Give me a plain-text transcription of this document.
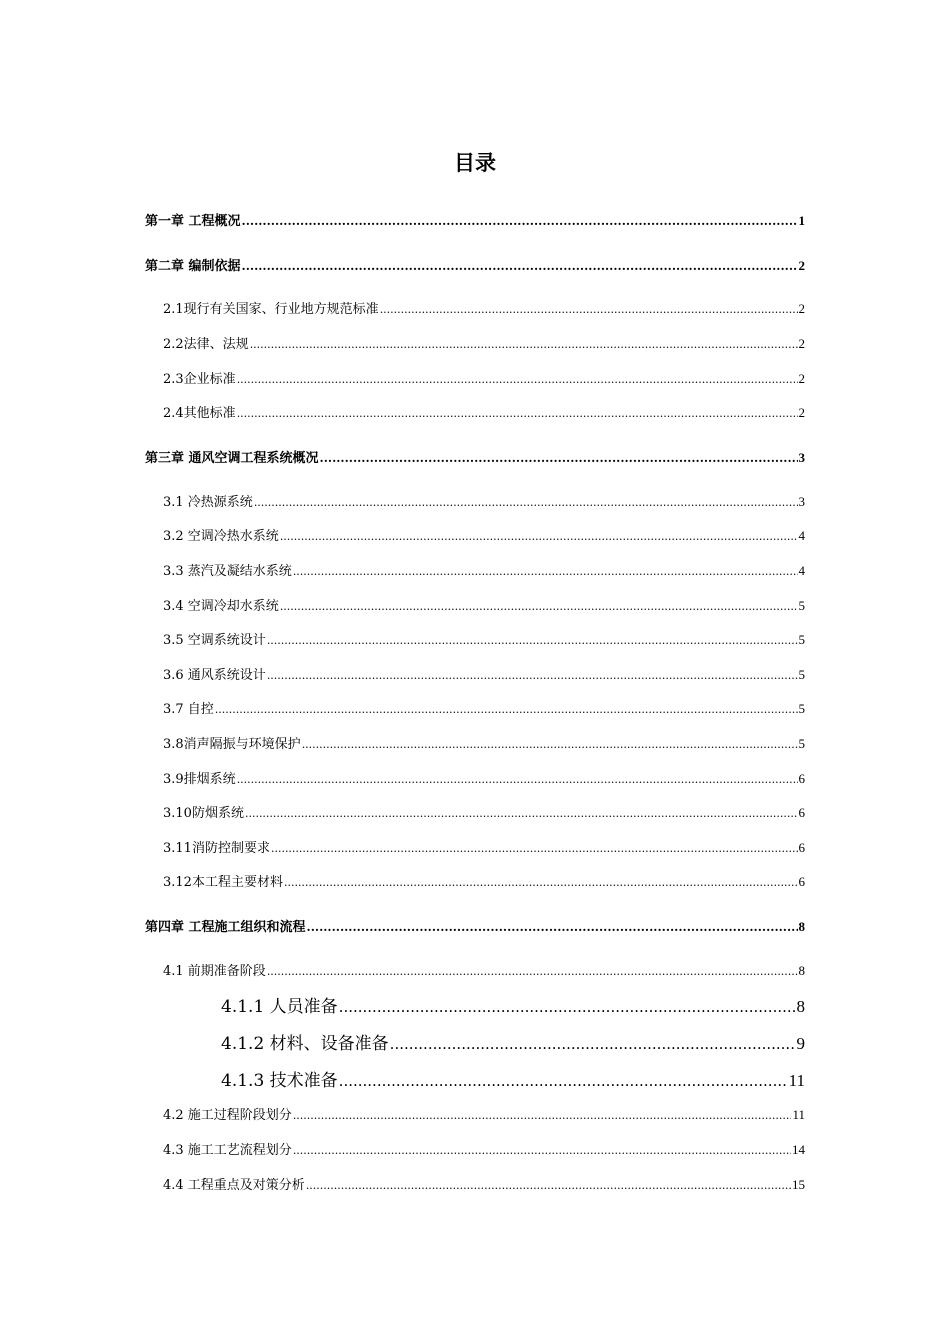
目录
第一章 工程概况 .....	1
第二章 编制依据 .....	2
2.1现行有关国家、行业地方规范标准 .....	2
2.2法律、法规 .....	2
2.3企业标准 .....	2
2.4其他标准 .....	2
第三章 通风空调工程系统概况 .....	3
3.1 冷热源系统 .....	3
3.2 空调冷热水系统 .....	4
3.3 蒸汽及凝结水系统 .....	4
3.4 空调冷却水系统 .....	5
3.5 空调系统设计 .....	5
3.6 通风系统设计 .....	5
3.7 自控 .....	5
3.8消声隔振与环境保护 .....	5
3.9排烟系统 .....	6
3.10防烟系统 .....	6
3.11消防控制要求 .....	6
3.12本工程主要材料 .....	6
第四章 工程施工组织和流程 .....	8
4.1 前期准备阶段 .....	8
4.1.1 人员准备 .....	8
4.1.2 材料、设备准备 .....	9
4.1.3 技术准备 .....	11
4.2 施工过程阶段划分 .....	11
4.3 施工工艺流程划分 .....	14
4.4 工程重点及对策分析 .....	15
